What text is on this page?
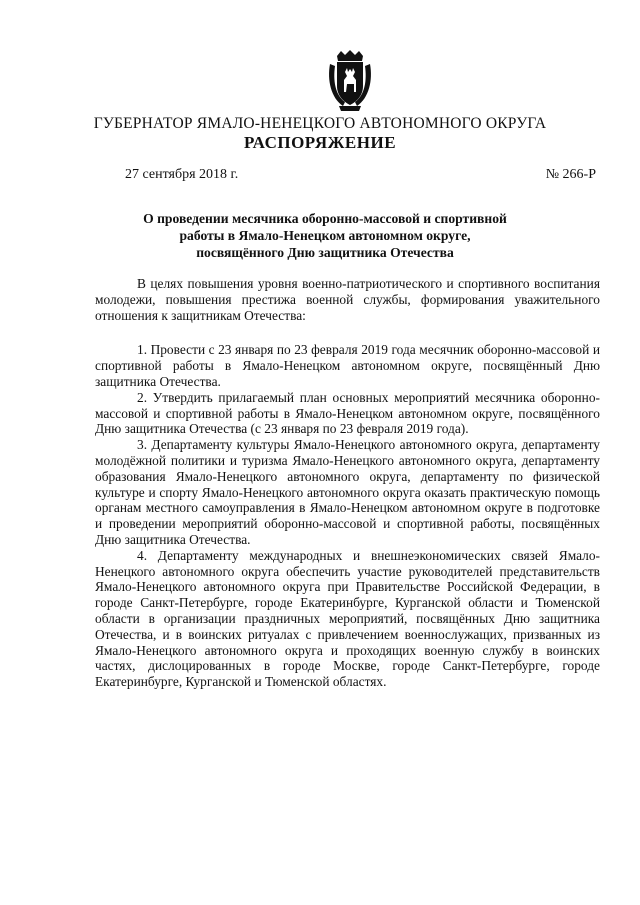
ГУБЕРНАТОР ЯМАЛО-НЕНЕЦКОГО АВТОНОМНОГО ОКРУГА
РАСПОРЯЖЕНИЕ
27 сентября 2018 г.	№ 266-Р
О проведении месячника оборонно-массовой и спортивной
работы в Ямало-Ненецком автономном округе,
посвящённого Дню защитника Отечества

В целях повышения уровня военно-патриотического и спортивного воспитания молодежи, повышения престижа военной службы, формирования уважительного отношения к защитникам Отечества:

1. Провести с 23 января по 23 февраля 2019 года месячник оборонно-массовой и спортивной работы в Ямало-Ненецком автономном округе, посвящённый Дню защитника Отечества.

2. Утвердить прилагаемый план основных мероприятий месячника оборонно-массовой и спортивной работы в Ямало-Ненецком автономном округе, посвящённого Дню защитника Отечества (с 23 января по 23 февраля 2019 года).

3. Департаменту культуры Ямало-Ненецкого автономного округа, департаменту молодёжной политики и туризма Ямало-Ненецкого автономного округа, департаменту образования Ямало-Ненецкого автономного округа, департаменту по физической культуре и спорту Ямало-Ненецкого автономного округа оказать практическую помощь органам местного самоуправления в Ямало-Ненецком автономном округе в подготовке и проведении мероприятий оборонно-массовой и спортивной работы, посвящённых Дню защитника Отечества.

4. Департаменту международных и внешнеэкономических связей Ямало-Ненецкого автономного округа обеспечить участие руководителей представительств Ямало-Ненецкого автономного округа при Правительстве Российской Федерации, в городе Санкт-Петербурге, городе Екатеринбурге, Курганской области и Тюменской области в организации праздничных мероприятий, посвящённых Дню защитника Отечества, и в воинских ритуалах с привлечением военнослужащих, призванных из Ямало-Ненецкого автономного округа и проходящих военную службу в воинских частях, дислоцированных в городе Москве, городе Санкт-Петербурге, городе Екатеринбурге, Курганской и Тюменской областях.
